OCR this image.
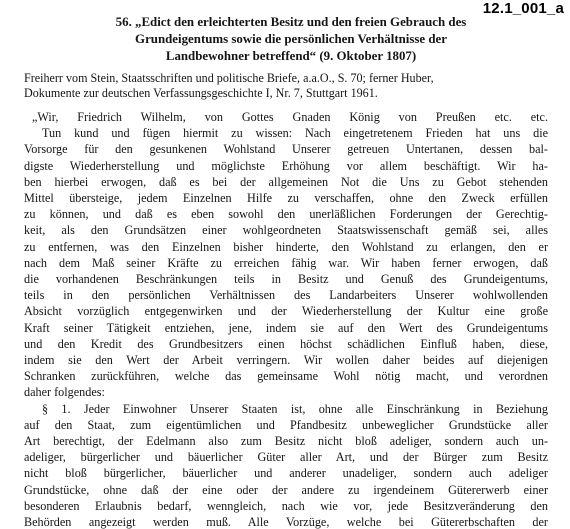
12.1_001_a
56. „Edict den erleichterten Besitz und den freien Gebrauch des
Grundeigentums sowie die persönlichen Verhältnisse der
Landbewohner betreffend“ (9. Oktober 1807)
Freiherr vom Stein, Staatsschriften und politische Briefe, a.a.O., S. 70; ferner Huber,
Dokumente zur deutschen Verfassungsgeschichte I, Nr. 7, Stuttgart 1961.

„Wir, Friedrich Wilhelm, von Gottes Gnaden König von Preußen etc. etc.

Tun kund und fügen hiermit zu wissen: Nach eingetretenem Frieden hat uns die

Vorsorge für den gesunkenen Wohlstand Unserer getreuen Untertanen, dessen bal-

digste Wiederherstellung und möglichste Erhöhung vor allem beschäftigt. Wir ha-

ben hierbei erwogen, daß es bei der allgemeinen Not die Uns zu Gebot stehenden

Mittel übersteige, jedem Einzelnen Hilfe zu verschaffen, ohne den Zweck erfüllen

zu können, und daß es eben sowohl den unerläßlichen Forderungen der Gerechtig-

keit, als den Grundsätzen einer wohlgeordneten Staatswissenschaft gemäß sei, alles

zu entfernen, was den Einzelnen bisher hinderte, den Wohlstand zu erlangen, den er

nach dem Maß seiner Kräfte zu erreichen fähig war. Wir haben ferner erwogen, daß

die vorhandenen Beschränkungen teils in Besitz und Genuß des Grundeigentums,

teils in den persönlichen Verhältnissen des Landarbeiters Unserer wohlwollenden

Absicht vorzüglich entgegenwirken und der Wiederherstellung der Kultur eine große

Kraft seiner Tätigkeit entziehen, jene, indem sie auf den Wert des Grundeigentums

und den Kredit des Grundbesitzers einen höchst schädlichen Einfluß haben, diese,

indem sie den Wert der Arbeit verringern. Wir wollen daher beides auf diejenigen

Schranken zurückführen, welche das gemeinsame Wohl nötig macht, und verordnen

daher folgendes:

§ 1. Jeder Einwohner Unserer Staaten ist, ohne alle Einschränkung in Beziehung

auf den Staat, zum eigentümlichen und Pfandbesitz unbeweglicher Grundstücke aller

Art berechtigt, der Edelmann also zum Besitz nicht bloß adeliger, sondern auch un-

adeliger, bürgerlicher und bäuerlicher Güter aller Art, und der Bürger zum Besitz

nicht bloß bürgerlicher, bäuerlicher und anderer unadeliger, sondern auch adeliger

Grundstücke, ohne daß der eine oder der andere zu irgendeinem Gütererwerb einer

besonderen Erlaubnis bedarf, wenngleich, nach wie vor, jede Besitzveränderung den

Behörden angezeigt werden muß. Alle Vorzüge, welche bei Gütererbschaften der
